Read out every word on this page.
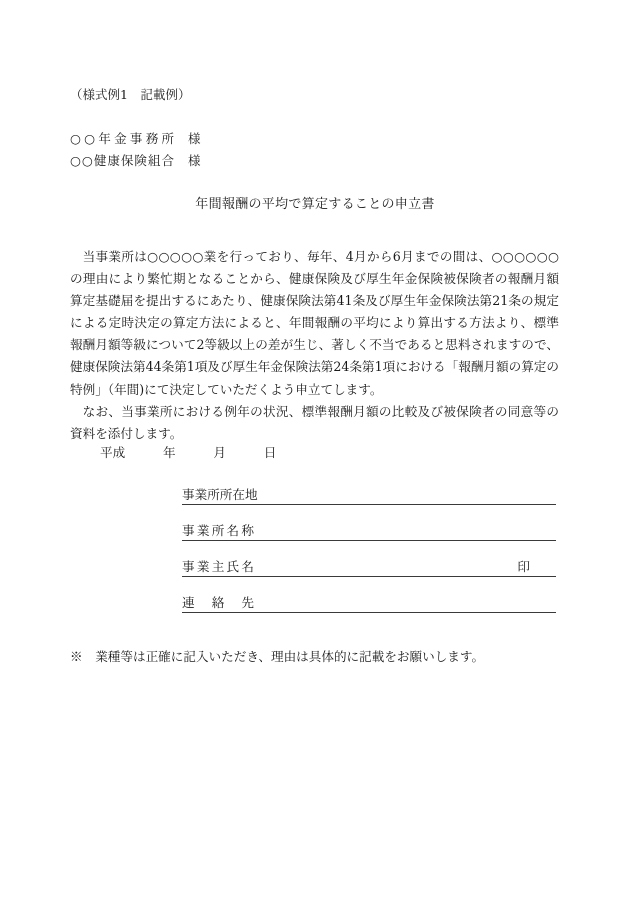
（様式例1　記載例）
○○年金事務所 様
○○健康保険組合 様
年間報酬の平均で算定することの申立書

当事業所は○○○○○業を行っており、毎年、4月から6月までの間は、○○○○○○の理由により繁忙期となることから、健康保険及び厚生年金保険被保険者の報酬月額算定基礎届を提出するにあたり、健康保険法第41条及び厚生年金保険法第21条の規定による定時決定の算定方法によると、年間報酬の平均により算出する方法より、標準報酬月額等級について2等級以上の差が生じ、著しく不当であると思料されますので、健康保険法第44条第1項及び厚生年金保険法第24条第1項における「報酬月額の算定の特例」（年間)にて決定していただくよう申立てします。

なお、当事業所における例年の状況、標準報酬月額の比較及び被保険者の同意等の資料を添付します。

平成　　　年　　　月　　　日
事業所所在地
事業所名称
事業主氏名	印
連絡先
※　業種等は正確に記入いただき、理由は具体的に記載をお願いします。
